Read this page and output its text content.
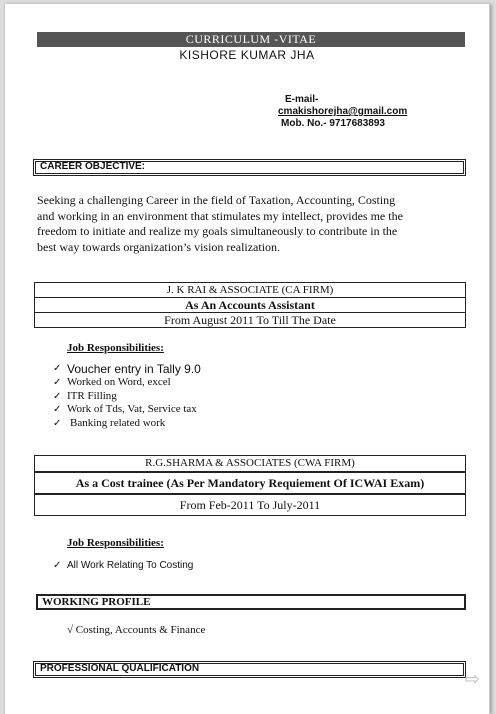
CURRICULUM -VITAE
KISHORE KUMAR JHA
E-mail-
cmakishorejha@gmail.com
Mob. No.- 9717683893
CAREER OBJECTIVE:
Seeking a challenging Career in the field of Taxation, Accounting, Costing
and working in an environment that stimulates my intellect, provides me the
freedom to initiate and realize my goals simultaneously to contribute in the
best way towards organization’s vision realization.
J. K RAI & ASSOCIATE (CA FIRM)
As An Accounts Assistant
From August 2011 To Till The Date
Job Responsibilities:
✓ Voucher entry in Tally 9.0
✓ Worked on Word, excel
✓ ITR Filling
✓ Work of Tds, Vat, Service tax
✓ Banking related work
R.G.SHARMA & ASSOCIATES (CWA FIRM)
As a Cost trainee (As Per Mandatory Requiement Of ICWAI Exam)
From Feb-2011 To July-2011
Job Responsibilities:
✓ All Work Relating To Costing
WORKING PROFILE
√ Costing, Accounts & Finance
PROFESSIONAL QUALIFICATION
⇨
